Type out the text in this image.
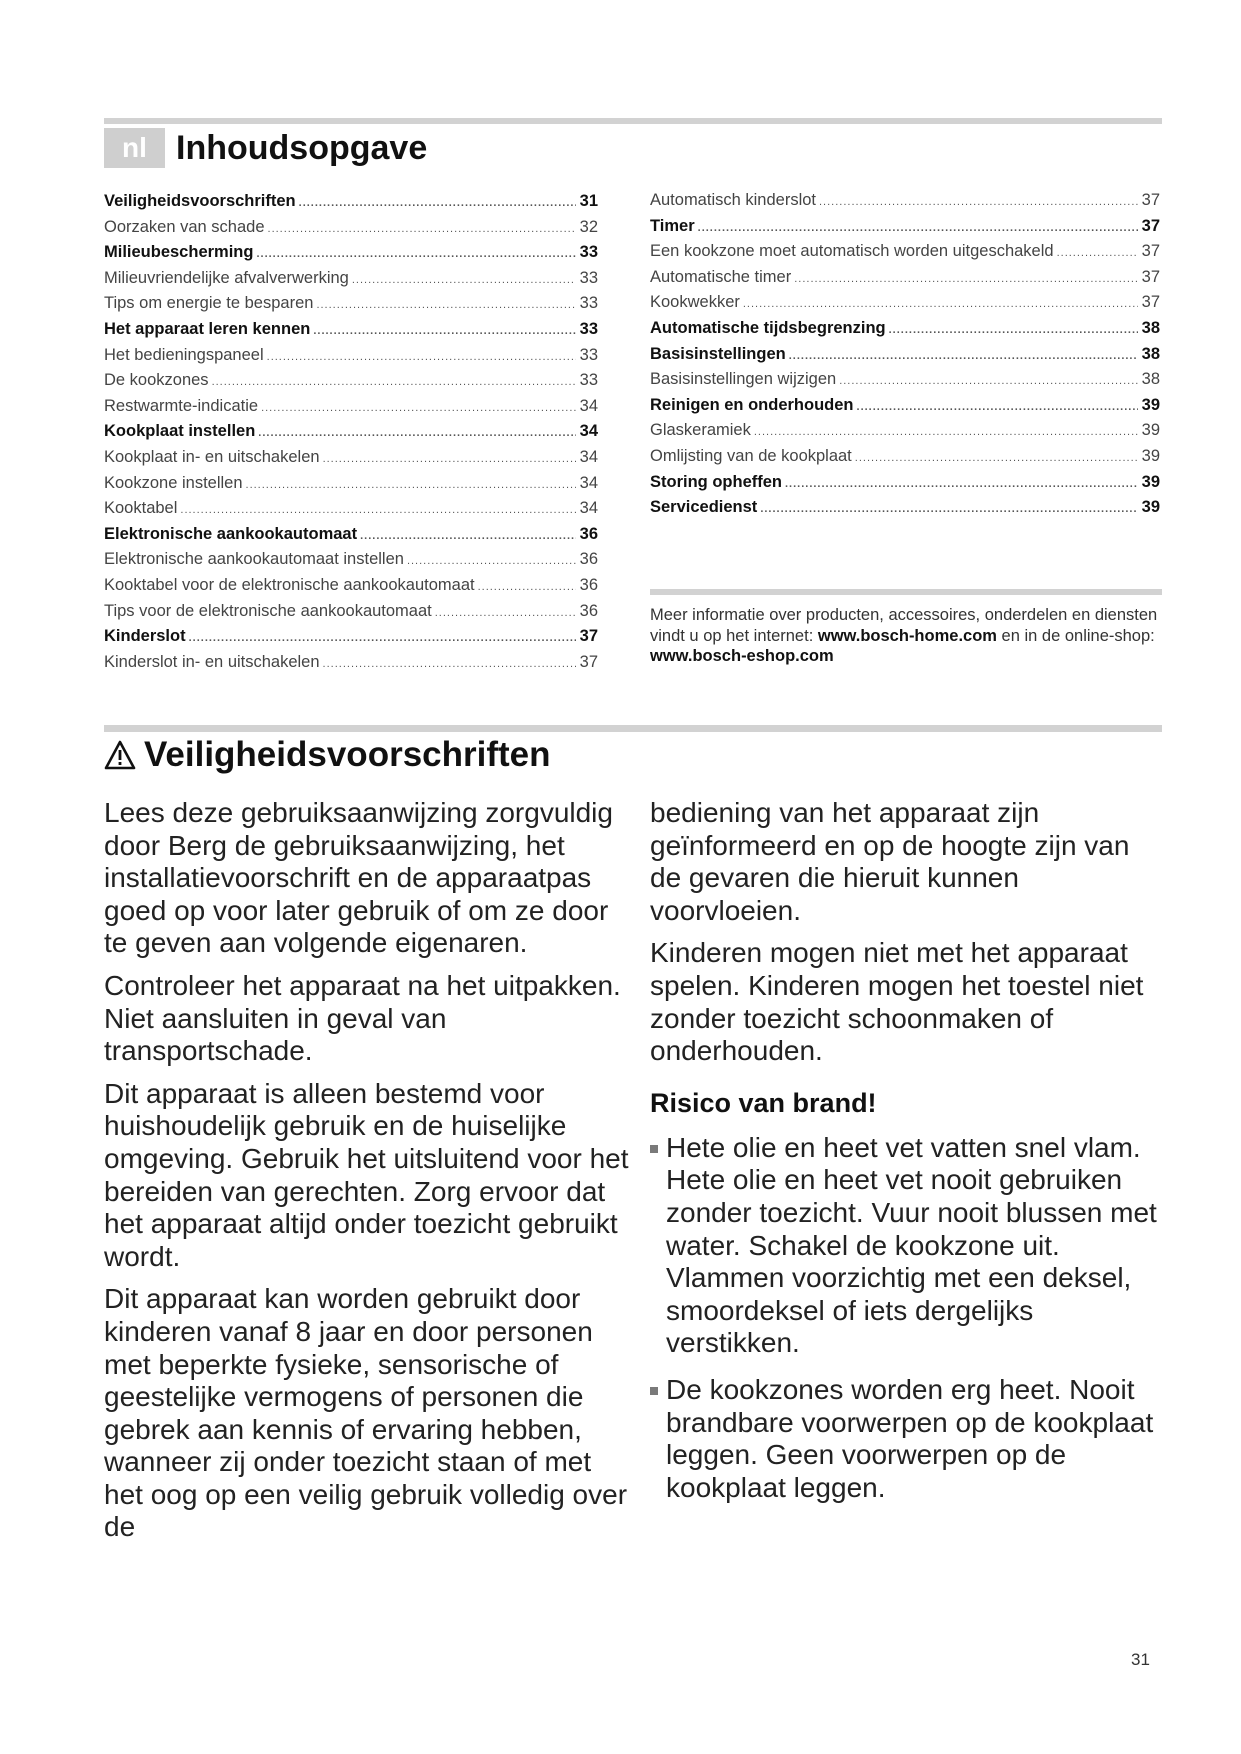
nl Inhoudsopgave
Veiligheidsvoorschriften .....	31
Oorzaken van schade .....	32
Milieubescherming .....	33
Milieuvriendelijke afvalverwerking .....	33
Tips om energie te besparen .....	33
Het apparaat leren kennen .....	33
Het bedieningspaneel .....	33
De kookzones .....	33
Restwarmte-indicatie .....	34
Kookplaat instellen .....	34
Kookplaat in- en uitschakelen .....	34
Kookzone instellen .....	34
Kooktabel .....	34
Elektronische aankookautomaat .....	36
Elektronische aankookautomaat instellen .....	36
Kooktabel voor de elektronische aankookautomaat .....	36
Tips voor de elektronische aankookautomaat .....	36
Kinderslot .....	37
Kinderslot in- en uitschakelen .....	37
Automatisch kinderslot .....	37
Timer .....	37
Een kookzone moet automatisch worden uitgeschakeld .....	37
Automatische timer .....	37
Kookwekker .....	37
Automatische tijdsbegrenzing .....	38
Basisinstellingen .....	38
Basisinstellingen wijzigen .....	38
Reinigen en onderhouden .....	39
Glaskeramiek .....	39
Omlijsting van de kookplaat .....	39
Storing opheffen .....	39
Servicedienst .....	39
Meer informatie over producten, accessoires, onderdelen en diensten vindt u op het internet: www.bosch-home.com en in de online-shop: www.bosch-eshop.com
Veiligheidsvoorschriften

Lees deze gebruiksaanwijzing zorgvuldig door Berg de gebruiksaanwijzing, het installatievoorschrift en de apparaatpas goed op voor later gebruik of om ze door te geven aan volgende eigenaren.

Controleer het apparaat na het uitpakken. Niet aansluiten in geval van transportschade.

Dit apparaat is alleen bestemd voor huishoudelijk gebruik en de huiselijke omgeving. Gebruik het uitsluitend voor het bereiden van gerechten. Zorg ervoor dat het apparaat altijd onder toezicht gebruikt wordt.

Dit apparaat kan worden gebruikt door kinderen vanaf 8 jaar en door personen met beperkte fysieke, sensorische of geestelijke vermogens of personen die gebrek aan kennis of ervaring hebben, wanneer zij onder toezicht staan of met het oog op een veilig gebruik volledig over de

bediening van het apparaat zijn geïnformeerd en op de hoogte zijn van de gevaren die hieruit kunnen voorvloeien.

Kinderen mogen niet met het apparaat spelen. Kinderen mogen het toestel niet zonder toezicht schoonmaken of onderhouden.

Risico van brand!
Hete olie en heet vet vatten snel vlam. Hete olie en heet vet nooit gebruiken zonder toezicht. Vuur nooit blussen met water. Schakel de kookzone uit. Vlammen voorzichtig met een deksel, smoordeksel of iets dergelijks verstikken.
De kookzones worden erg heet. Nooit brandbare voorwerpen op de kookplaat leggen. Geen voorwerpen op de kookplaat leggen.
31
